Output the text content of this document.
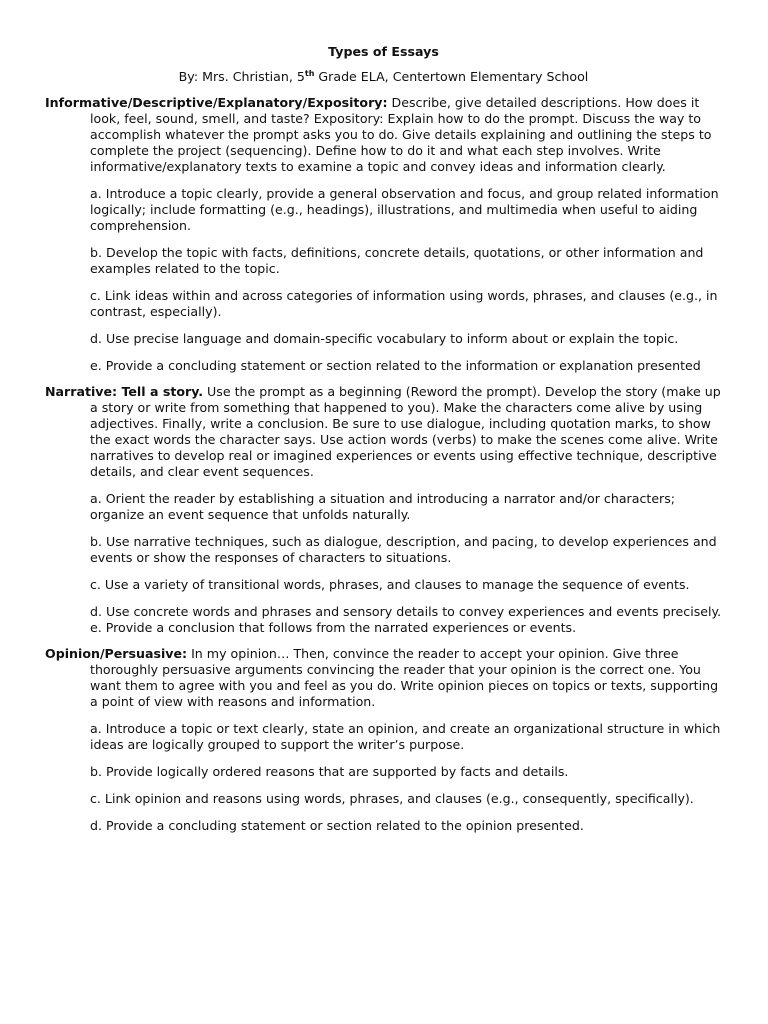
Types of Essays

By: Mrs. Christian, 5th Grade ELA, Centertown Elementary School

Informative/Descriptive/Explanatory/Expository: Describe, give detailed descriptions. How does it look, feel, sound, smell, and taste? Expository: Explain how to do the prompt. Discuss the way to accomplish whatever the prompt asks you to do. Give details explaining and outlining the steps to complete the project (sequencing). Define how to do it and what each step involves. Write informative/explanatory texts to examine a topic and convey ideas and information clearly.

a. Introduce a topic clearly, provide a general observation and focus, and group related information logically; include formatting (e.g., headings), illustrations, and multimedia when useful to aiding comprehension.

b. Develop the topic with facts, definitions, concrete details, quotations, or other information and examples related to the topic.

c. Link ideas within and across categories of information using words, phrases, and clauses (e.g., in contrast, especially).

d. Use precise language and domain-specific vocabulary to inform about or explain the topic.

e. Provide a concluding statement or section related to the information or explanation presented

Narrative: Tell a story. Use the prompt as a beginning (Reword the prompt). Develop the story (make up a story or write from something that happened to you). Make the characters come alive by using adjectives. Finally, write a conclusion. Be sure to use dialogue, including quotation marks, to show the exact words the character says. Use action words (verbs) to make the scenes come alive. Write narratives to develop real or imagined experiences or events using effective technique, descriptive details, and clear event sequences.

a. Orient the reader by establishing a situation and introducing a narrator and/or characters; organize an event sequence that unfolds naturally.

b. Use narrative techniques, such as dialogue, description, and pacing, to develop experiences and events or show the responses of characters to situations.

c. Use a variety of transitional words, phrases, and clauses to manage the sequence of events.

d. Use concrete words and phrases and sensory details to convey experiences and events precisely.

e. Provide a conclusion that follows from the narrated experiences or events.

Opinion/Persuasive: In my opinion… Then, convince the reader to accept your opinion. Give three thoroughly persuasive arguments convincing the reader that your opinion is the correct one. You want them to agree with you and feel as you do. Write opinion pieces on topics or texts, supporting a point of view with reasons and information.

a. Introduce a topic or text clearly, state an opinion, and create an organizational structure in which ideas are logically grouped to support the writer’s purpose.

b. Provide logically ordered reasons that are supported by facts and details.

c. Link opinion and reasons using words, phrases, and clauses (e.g., consequently, specifically).

d. Provide a concluding statement or section related to the opinion presented.
